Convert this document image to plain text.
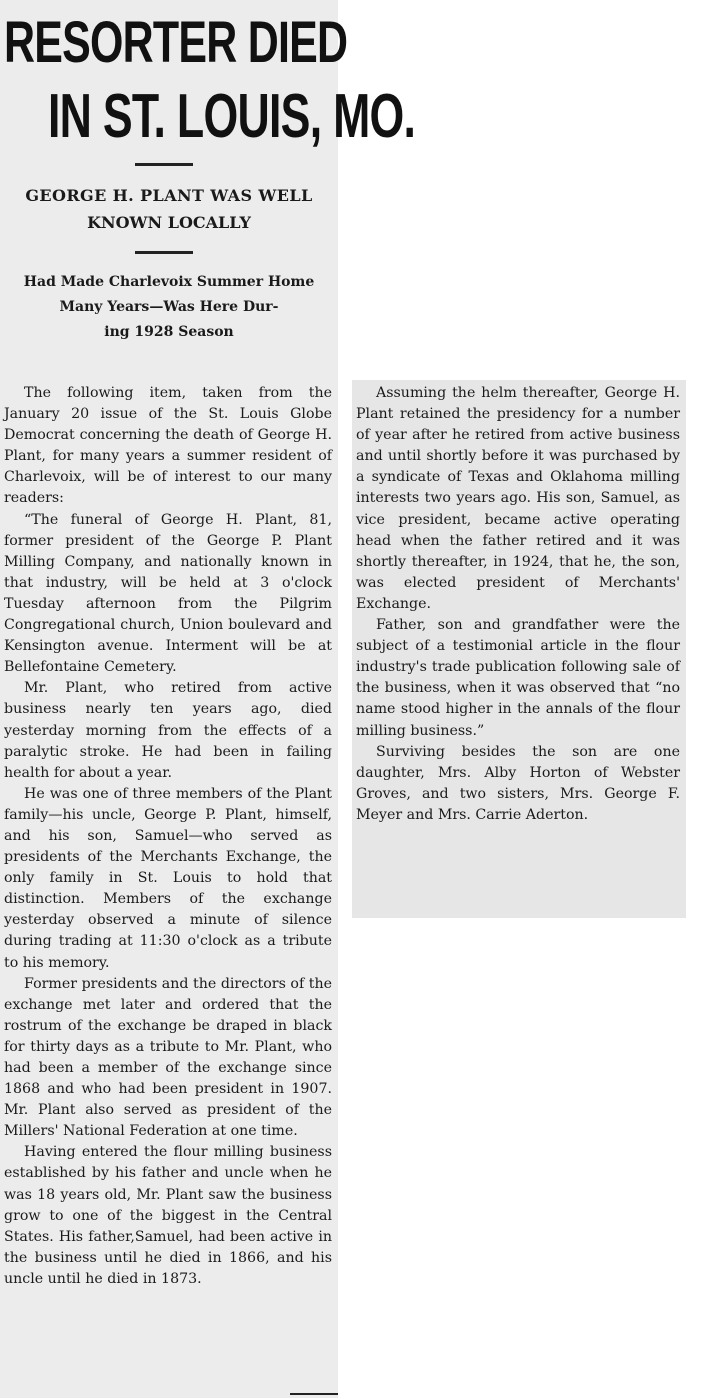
RESORTER DIED
IN ST. LOUIS, MO.
GEORGE H. PLANT WAS WELL
KNOWN LOCALLY
Had Made Charlevoix Summer Home
Many Years—Was Here Dur-
ing 1928 Season

The following item, taken from the January 20 issue of the St. Louis Globe Democrat concerning the death of George H. Plant, for many years a summer resident of Charlevoix, will be of interest to our many readers:

“The funeral of George H. Plant, 81, former president of the George P. Plant Milling Company, and nationally known in that industry, will be held at 3 o'clock Tuesday afternoon from the Pilgrim Congregational church, Union boulevard and Kensington avenue. Interment will be at Bellefontaine Cemetery.

Mr. Plant, who retired from active business nearly ten years ago, died yesterday morning from the effects of a paralytic stroke. He had been in failing health for about a year.

He was one of three members of the Plant family—his uncle, George P. Plant, himself, and his son, Samuel—who served as presidents of the Merchants Exchange, the only family in St. Louis to hold that distinction. Members of the exchange yesterday observed a minute of silence during trading at 11:30 o'clock as a tribute to his memory.

Former presidents and the directors of the exchange met later and ordered that the rostrum of the exchange be draped in black for thirty days as a tribute to Mr. Plant, who had been a member of the exchange since 1868 and who had been president in 1907. Mr. Plant also served as president of the Millers' National Federation at one time.

Having entered the flour milling business established by his father and uncle when he was 18 years old, Mr. Plant saw the business grow to one of the biggest in the Central States. His father,Samuel, had been active in the business until he died in 1866, and his uncle until he died in 1873.

Assuming the helm thereafter, George H. Plant retained the presidency for a number of year after he retired from active business and until shortly before it was purchased by a syndicate of Texas and Oklahoma milling interests two years ago. His son, Samuel, as vice president, became active operating head when the father retired and it was shortly thereafter, in 1924, that he, the son, was elected president of Merchants' Exchange.

Father, son and grandfather were the subject of a testimonial article in the flour industry's trade publication following sale of the business, when it was observed that “no name stood higher in the annals of the flour milling business.”

Surviving besides the son are one daughter, Mrs. Alby Horton of Webster Groves, and two sisters, Mrs. George F. Meyer and Mrs. Carrie Aderton.
